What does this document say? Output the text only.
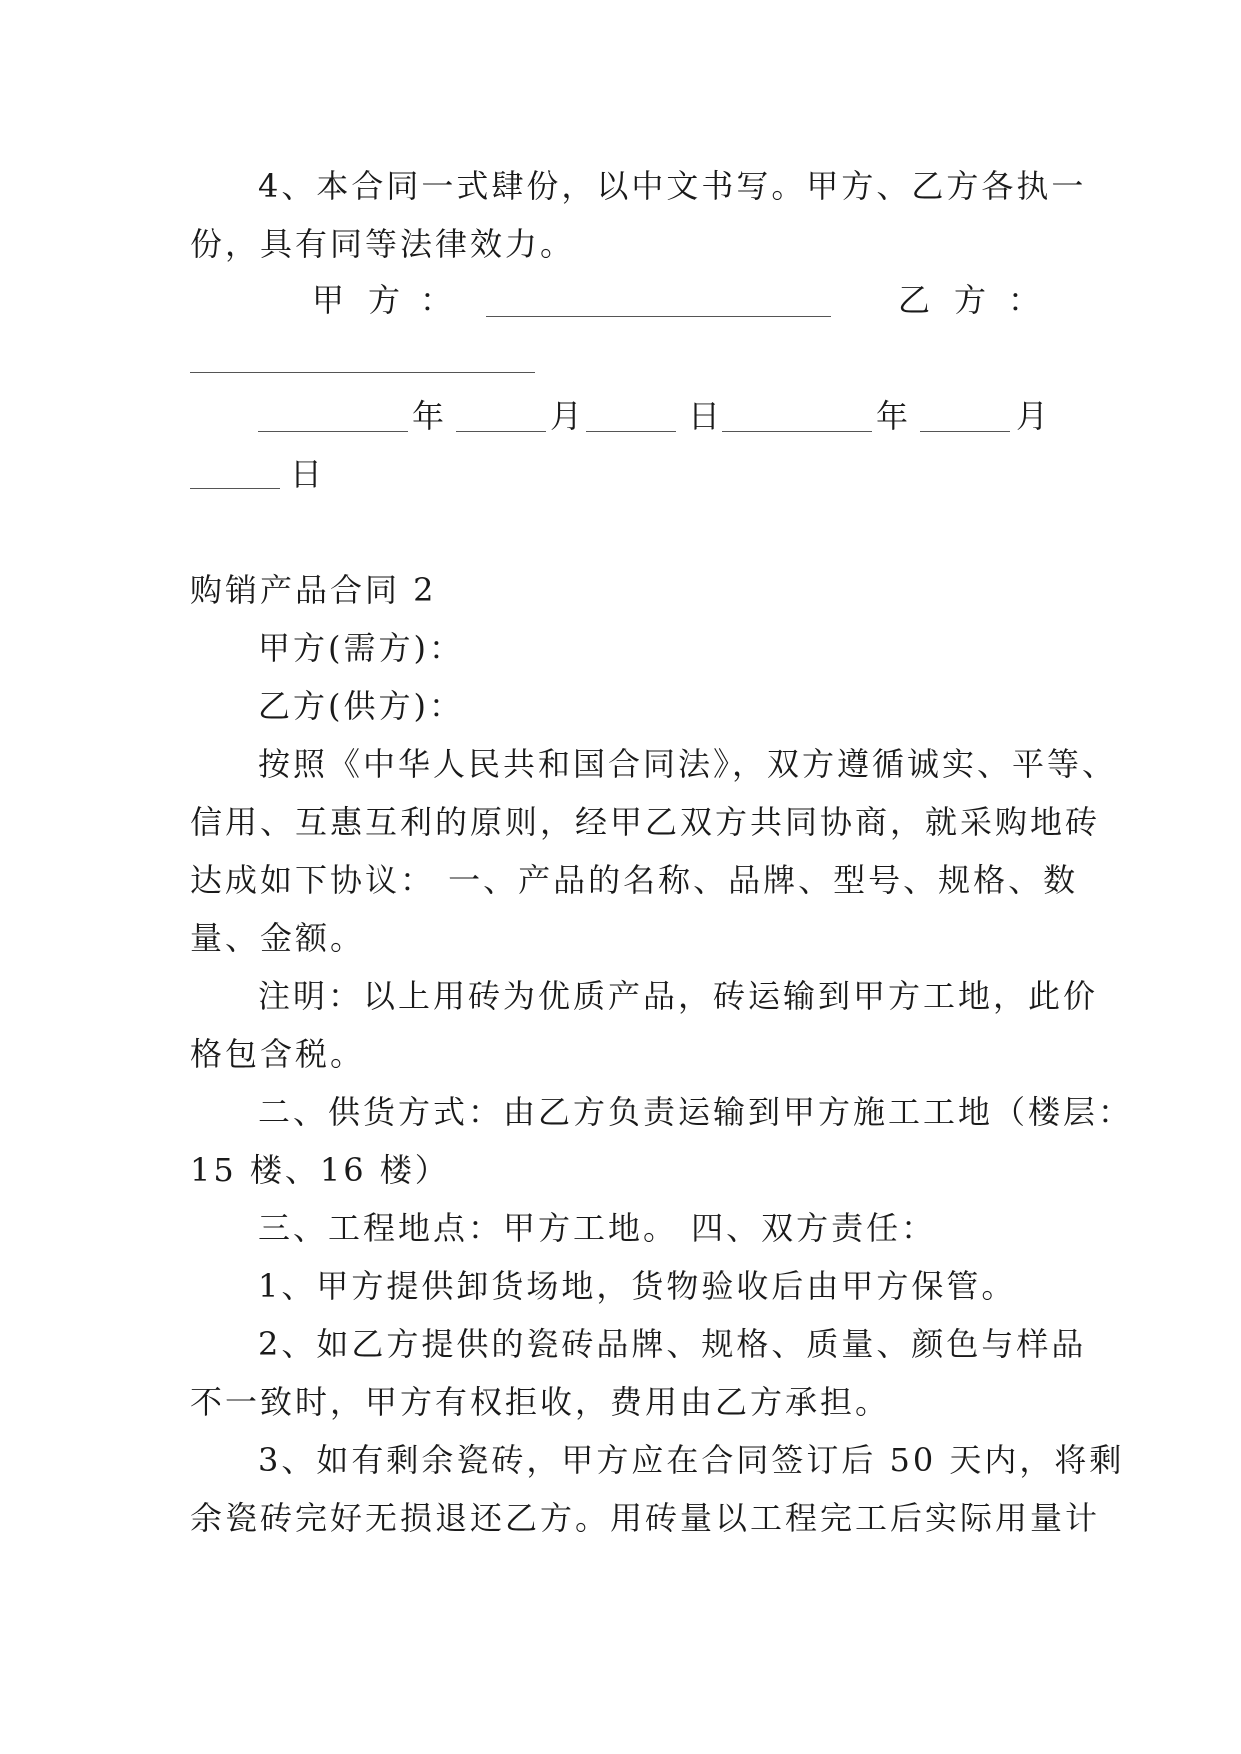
4、本合同一式肆份，以中文书写。甲方、乙方各执一
份，具有同等法律效力。
甲 方 ：	乙 方 ：
年	月	日	年	月
日
购销产品合同 2
甲方(需方)：
乙方(供方)：
按照《中华人民共和国合同法》，双方遵循诚实、平等、
信用、互惠互利的原则，经甲乙双方共同协商，就采购地砖
达成如下协议： 一、产品的名称、品牌、型号、规格、数
量、金额。
注明：以上用砖为优质产品，砖运输到甲方工地，此价
格包含税。
二、供货方式：由乙方负责运输到甲方施工工地（楼层：
15 楼、16 楼）
三、工程地点：甲方工地。 四、双方责任：
1、甲方提供卸货场地，货物验收后由甲方保管。
2、如乙方提供的瓷砖品牌、规格、质量、颜色与样品
不一致时，甲方有权拒收，费用由乙方承担。
3、如有剩余瓷砖，甲方应在合同签订后 50 天内，将剩
余瓷砖完好无损退还乙方。用砖量以工程完工后实际用量计
